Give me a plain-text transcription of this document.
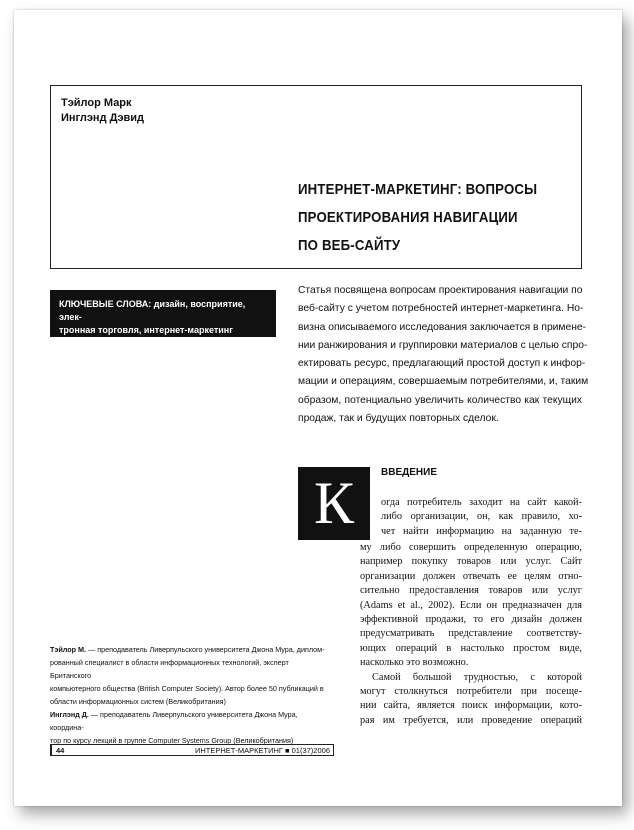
Тэйлор Марк
Инглэнд Дэвид
ИНТЕРНЕТ-МАРКЕТИНГ: ВОПРОСЫ
ПРОЕКТИРОВАНИЯ НАВИГАЦИИ
ПО ВЕБ-САЙТУ
КЛЮЧЕВЫЕ СЛОВА: дизайн, восприятие, элек-
тронная торговля, интернет-маркетинг
Статья посвящена вопросам проектирования навигации по
веб-сайту с учетом потребностей интернет-маркетинга. Но-
визна описываемого исследования заключается в примене-
нии ранжирования и группировки материалов с целью спро-
ектировать ресурс, предлагающий простой доступ к инфор-
мации и операциям, совершаемым потребителями, и, таким
образом, потенциально увеличить количество как текущих
продаж, так и будущих повторных сделок.
К	ВВЕДЕНИЕ
огда потребитель заходит на сайт какой-
либо организации, он, как правило, хо-
чет найти информацию на заданную те-
му либо совершить определенную операцию,
например покупку товаров или услуг. Сайт
организации должен отвечать ее целям отно-
сительно предоставления товаров или услуг
(Adams et al., 2002). Если он предназначен для
эффективной продажи, то его дизайн должен
предусматривать представление соответству-
ющих операций в настолько простом виде,
насколько это возможно.
Самой большой трудностью, с которой
могут столкнуться потребители при посеще-
нии сайта, является поиск информации, кото-
рая им требуется, или проведение операций
Тэйлор М. — преподаватель Ливерпульского университета Джона Мура, диплом-
рованный специалист в области информационных технологий, эксперт Британского
компьютерного общества (British Computer Society). Автор более 50 публикаций в
области информационных систем (Великобритания)
Инглэнд Д. — преподаватель Ливерпульского университета Джона Мура, координа-
тор по курсу лекций в группе Computer Systems Group (Великобритания)
44	ИНТЕРНЕТ-МАРКЕТИНГ ■ 01(37)2006
